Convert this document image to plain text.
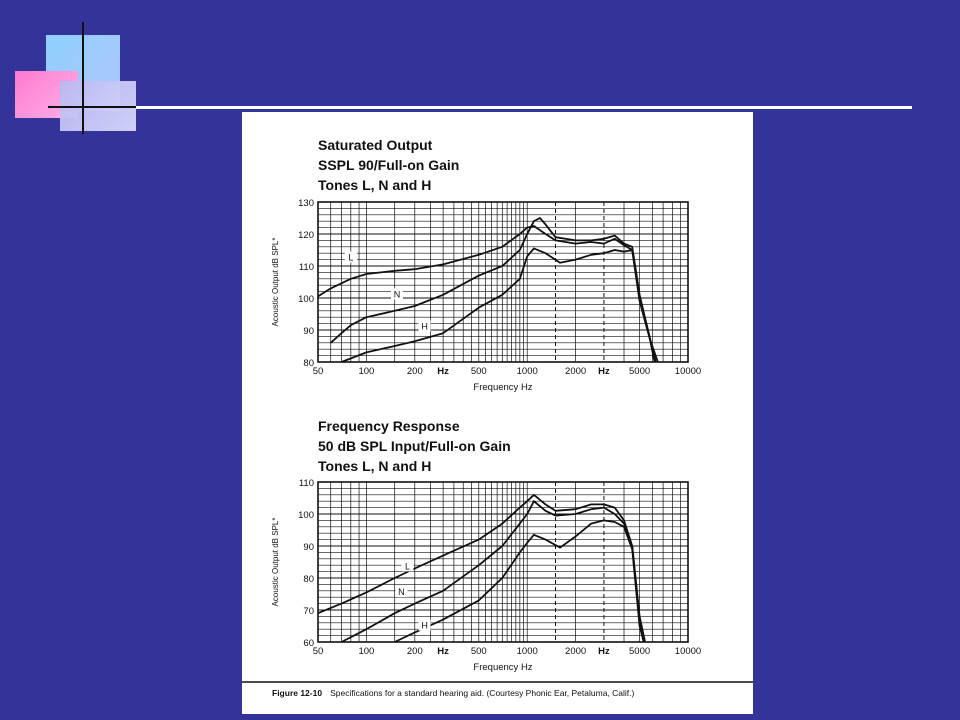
Saturated Output
SSPL 90/Full-on Gain
Tones L, N and H
80
90
100
110
120
130
50	100	200 Hz 500	1000	2000 Hz 5000	10000
Frequency Hz
Acoustic Output dB SPL*	L
N
H
Frequency Response
50 dB SPL Input/Full-on Gain
Tones L, N and H
60
70
80
90
100
110
50	100	200 Hz 500	1000	2000 Hz 5000	10000
Frequency Hz
Acoustic Output dB SPL*	L
N
H
Figure 12-10 Specifications for a standard hearing aid. (Courtesy Phonic Ear, Petaluma, Calif.)
